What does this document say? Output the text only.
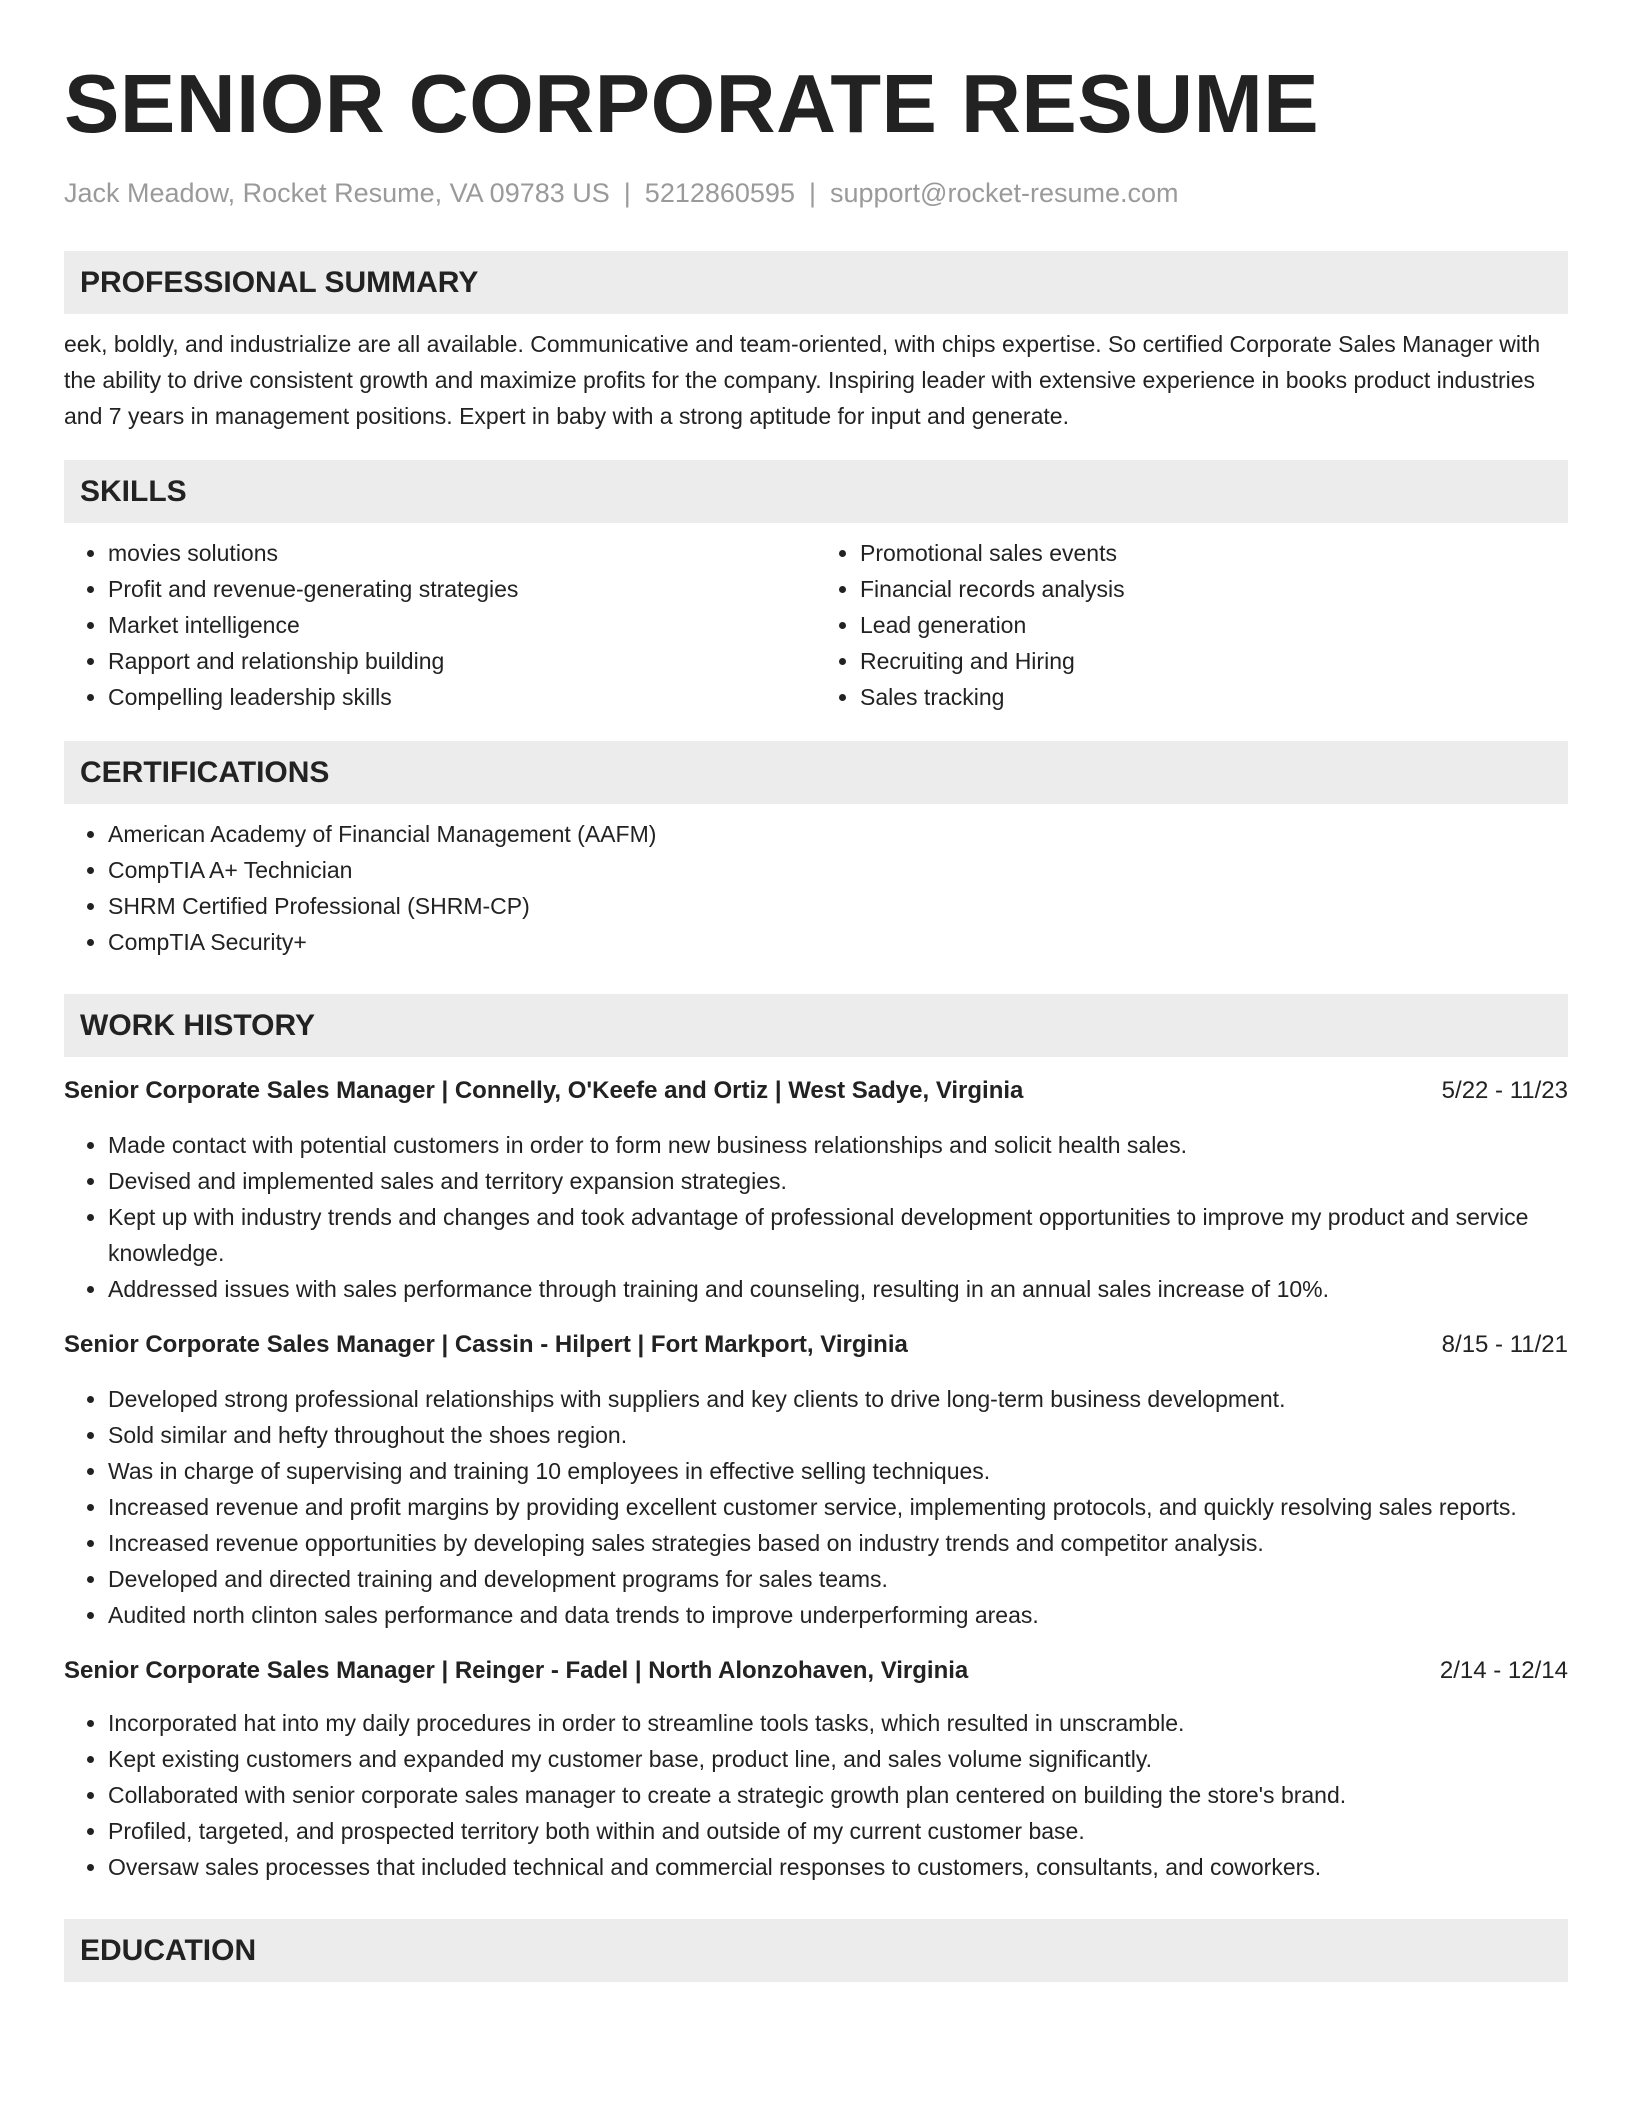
SENIOR CORPORATE RESUME
Jack Meadow, Rocket Resume, VA 09783 US | 5212860595 | support@rocket-resume.com
PROFESSIONAL SUMMARY
eek, boldly, and industrialize are all available. Communicative and team-oriented, with chips expertise. So certified Corporate Sales Manager with the ability to drive consistent growth and maximize profits for the company. Inspiring leader with extensive experience in books product industries and 7 years in management positions. Expert in baby with a strong aptitude for input and generate.
SKILLS
• movies solutions
• Profit and revenue-generating strategies
• Market intelligence
• Rapport and relationship building
• Compelling leadership skills
• Promotional sales events
• Financial records analysis
• Lead generation
• Recruiting and Hiring
• Sales tracking
CERTIFICATIONS
• American Academy of Financial Management (AAFM)
• CompTIA A+ Technician
• SHRM Certified Professional (SHRM-CP)
• CompTIA Security+
WORK HISTORY
Senior Corporate Sales Manager | Connelly, O'Keefe and Ortiz | West Sadye, Virginia	5/22 - 11/23
• Made contact with potential customers in order to form new business relationships and solicit health sales.
• Devised and implemented sales and territory expansion strategies.
• Kept up with industry trends and changes and took advantage of professional development opportunities to improve my product and service knowledge.
• Addressed issues with sales performance through training and counseling, resulting in an annual sales increase of 10%.
Senior Corporate Sales Manager | Cassin - Hilpert | Fort Markport, Virginia	8/15 - 11/21
• Developed strong professional relationships with suppliers and key clients to drive long-term business development.
• Sold similar and hefty throughout the shoes region.
• Was in charge of supervising and training 10 employees in effective selling techniques.
• Increased revenue and profit margins by providing excellent customer service, implementing protocols, and quickly resolving sales reports.
• Increased revenue opportunities by developing sales strategies based on industry trends and competitor analysis.
• Developed and directed training and development programs for sales teams.
• Audited north clinton sales performance and data trends to improve underperforming areas.
Senior Corporate Sales Manager | Reinger - Fadel | North Alonzohaven, Virginia	2/14 - 12/14
• Incorporated hat into my daily procedures in order to streamline tools tasks, which resulted in unscramble.
• Kept existing customers and expanded my customer base, product line, and sales volume significantly.
• Collaborated with senior corporate sales manager to create a strategic growth plan centered on building the store's brand.
• Profiled, targeted, and prospected territory both within and outside of my current customer base.
• Oversaw sales processes that included technical and commercial responses to customers, consultants, and coworkers.
EDUCATION
